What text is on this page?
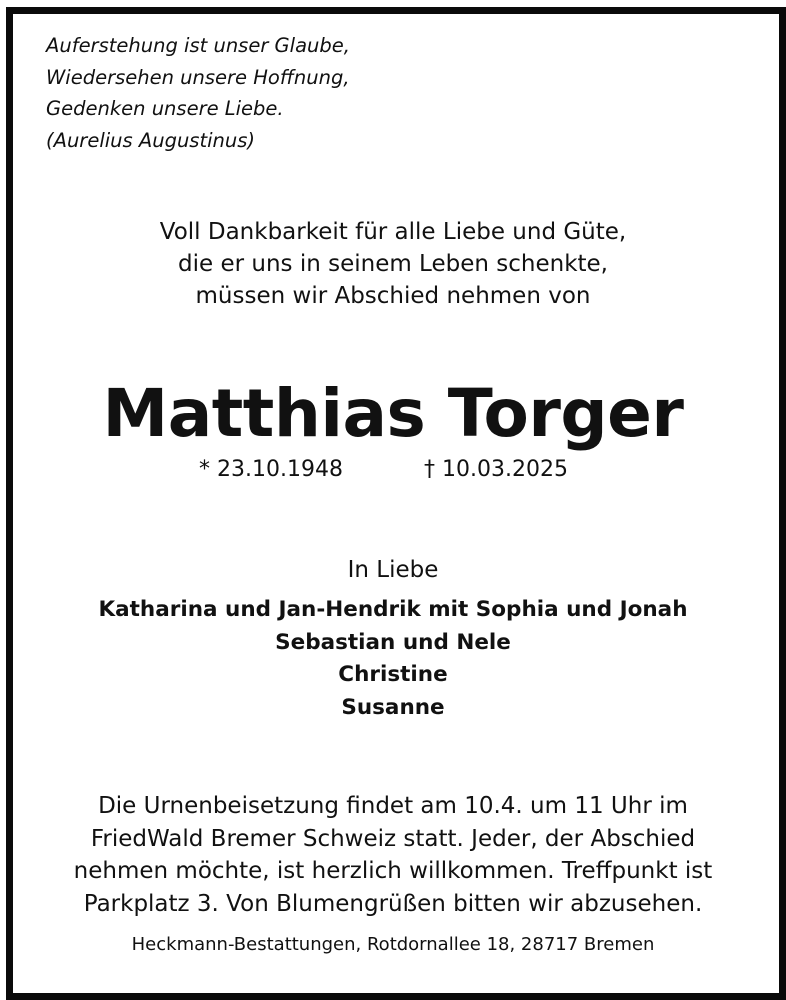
Auferstehung ist unser Glaube,
Wiedersehen unsere Hoffnung,
Gedenken unsere Liebe.
(Aurelius Augustinus)
Voll Dankbarkeit für alle Liebe und Güte,
die er uns in seinem Leben schenkte,
müssen wir Abschied nehmen von
Matthias Torger
* 23.10.1948	† 10.03.2025
In Liebe
Katharina und Jan-Hendrik mit Sophia und Jonah
Sebastian und Nele
Christine
Susanne
Die Urnenbeisetzung findet am 10.4. um 11 Uhr im
FriedWald Bremer Schweiz statt. Jeder, der Abschied
nehmen möchte, ist herzlich willkommen. Treffpunkt ist
Parkplatz 3. Von Blumengrüßen bitten wir abzusehen.
Heckmann-Bestattungen, Rotdornallee 18, 28717 Bremen
